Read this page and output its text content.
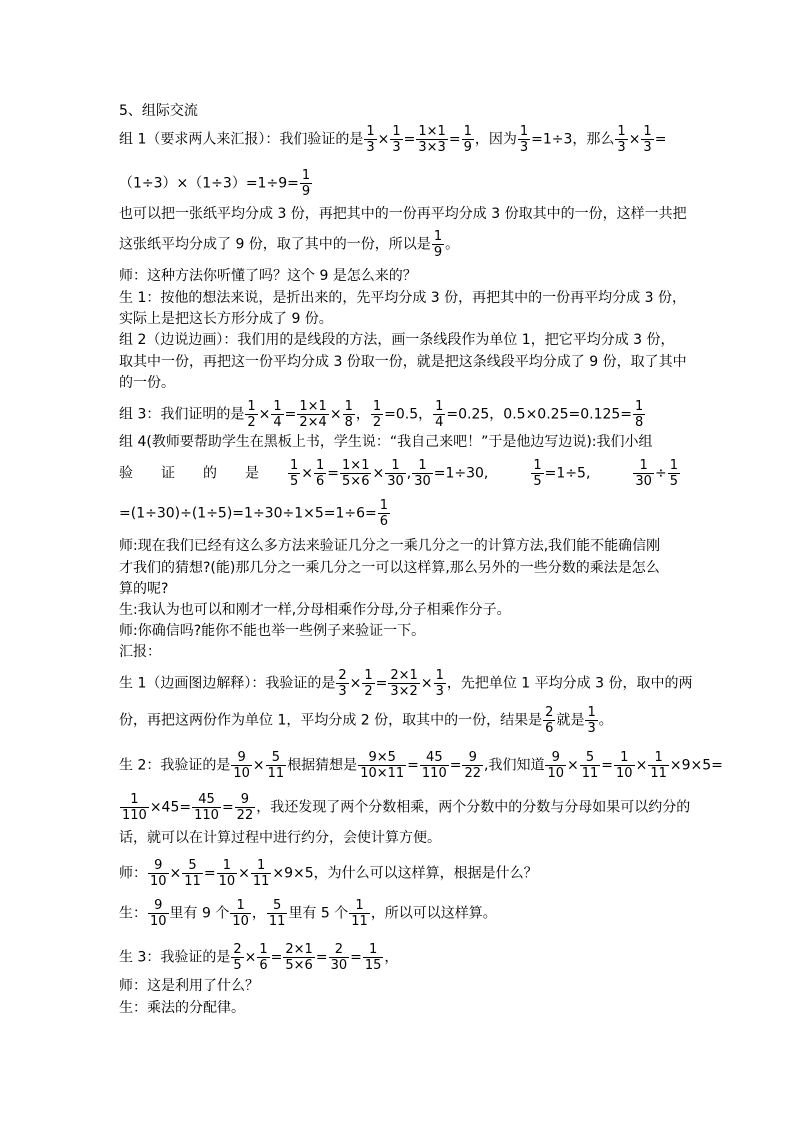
5、组际交流
组 1（要求两人来汇报）：我们验证的是 $\frac{1}{3} \times \frac{1}{3} = \frac{1\times 1}{3\times 3} = \frac{1}{9}$ ，因为 $\frac{1}{3} =1\div 3$，那么 $\frac{1}{3} \times \frac{1}{3}$ =
$(1\div 3)\times(1\div 3)=1\div 9= \frac{1}{9}$
也可以把一张纸平均分成 3 份，再把其中的一份再平均分成 3 份取其中的一份，这样一共把
这张纸平均分成了 9 份，取了其中的一份，所以是 $\frac{1}{9}$ 。
师：这种方法你听懂了吗？这个 9 是怎么来的？
生 1：按他的想法来说，是折出来的，先平均分成 3 份，再把其中的一份再平均分成 3 份，
实际上是把这长方形分成了 9 份。
组 2（边说边画）：我们用的是线段的方法，画一条线段作为单位 1，把它平均分成 3 份，
取其中一份，再把这一份平均分成 3 份取一份，就是把这条线段平均分成了 9 份，取了其中
的一份。
组 3：我们证明的是 $\frac{1}{2} \times \frac{1}{4} = \frac{1\times 1}{2\times 4} \times \frac{1}{8}$ ， $\frac{1}{2} =0.5$， $\frac{1}{4} =0.25$，$0.5\times 0.25=0.125= \frac{1}{8}$
组 4(教师要帮助学生在黑板上书，学生说：“我自己来吧！”于是他边写边说):我们小组
验　　证　　的　　是　　 $\frac{1}{5} \times \frac{1}{6} = \frac{1\times 1}{5\times 6} \times \frac{1}{30}$ , $\frac{1}{30} =1\div 30$,　　　 $\frac{1}{5} =1\div 5$,　　　 $\frac{1}{30} \div \frac{1}{5}$
$=(1\div 30)\div(1\div 5)=1\div 30\div 1\times 5=1\div 6= \frac{1}{6}$
师:现在我们已经有这么多方法来验证几分之一乘几分之一的计算方法,我们能不能确信刚
才我们的猜想?(能)那几分之一乘几分之一可以这样算,那么另外的一些分数的乘法是怎么
算的呢?
生:我认为也可以和刚才一样,分母相乘作分母,分子相乘作分子。
师:你确信吗?能你不能也举一些例子来验证一下。
汇报：
生 1（边画图边解释）：我验证的是 $\frac{2}{3} \times \frac{1}{2} = \frac{2\times 1}{3\times 2} \times \frac{1}{3}$ ，先把单位 1 平均分成 3 份，取中的两
份，再把这两份作为单位 1，平均分成 2 份，取其中的一份，结果是 $\frac{2}{6}$ 就是 $\frac{1}{3}$ 。
生 2：我验证的是 $\frac{9}{10} \times \frac{5}{11}$ 根据猜想是 $\frac{9\times 5}{10\times 11} = \frac{45}{110} = \frac{9}{22}$ ,我们知道 $\frac{9}{10} \times \frac{5}{11} = \frac{1}{10} \times \frac{1}{11} \times 9\times 5=$
$\frac{1}{110} \times 45= \frac{45}{110} = \frac{9}{22}$ ，我还发现了两个分数相乘，两个分数中的分数与分母如果可以约分的
话，就可以在计算过程中进行约分，会使计算方便。
师： $\frac{9}{10} \times \frac{5}{11} = \frac{1}{10} \times \frac{1}{11} \times 9\times 5$，为什么可以这样算，根据是什么？
生： $\frac{9}{10}$ 里有 9 个 $\frac{1}{10}$ ， $\frac{5}{11}$ 里有 5 个 $\frac{1}{11}$ ，所以可以这样算。
生 3：我验证的是 $\frac{2}{5} \times \frac{1}{6} = \frac{2\times 1}{5\times 6} = \frac{2}{30} = \frac{1}{15}$ ，
师：这是利用了什么？
生：乘法的分配律。
